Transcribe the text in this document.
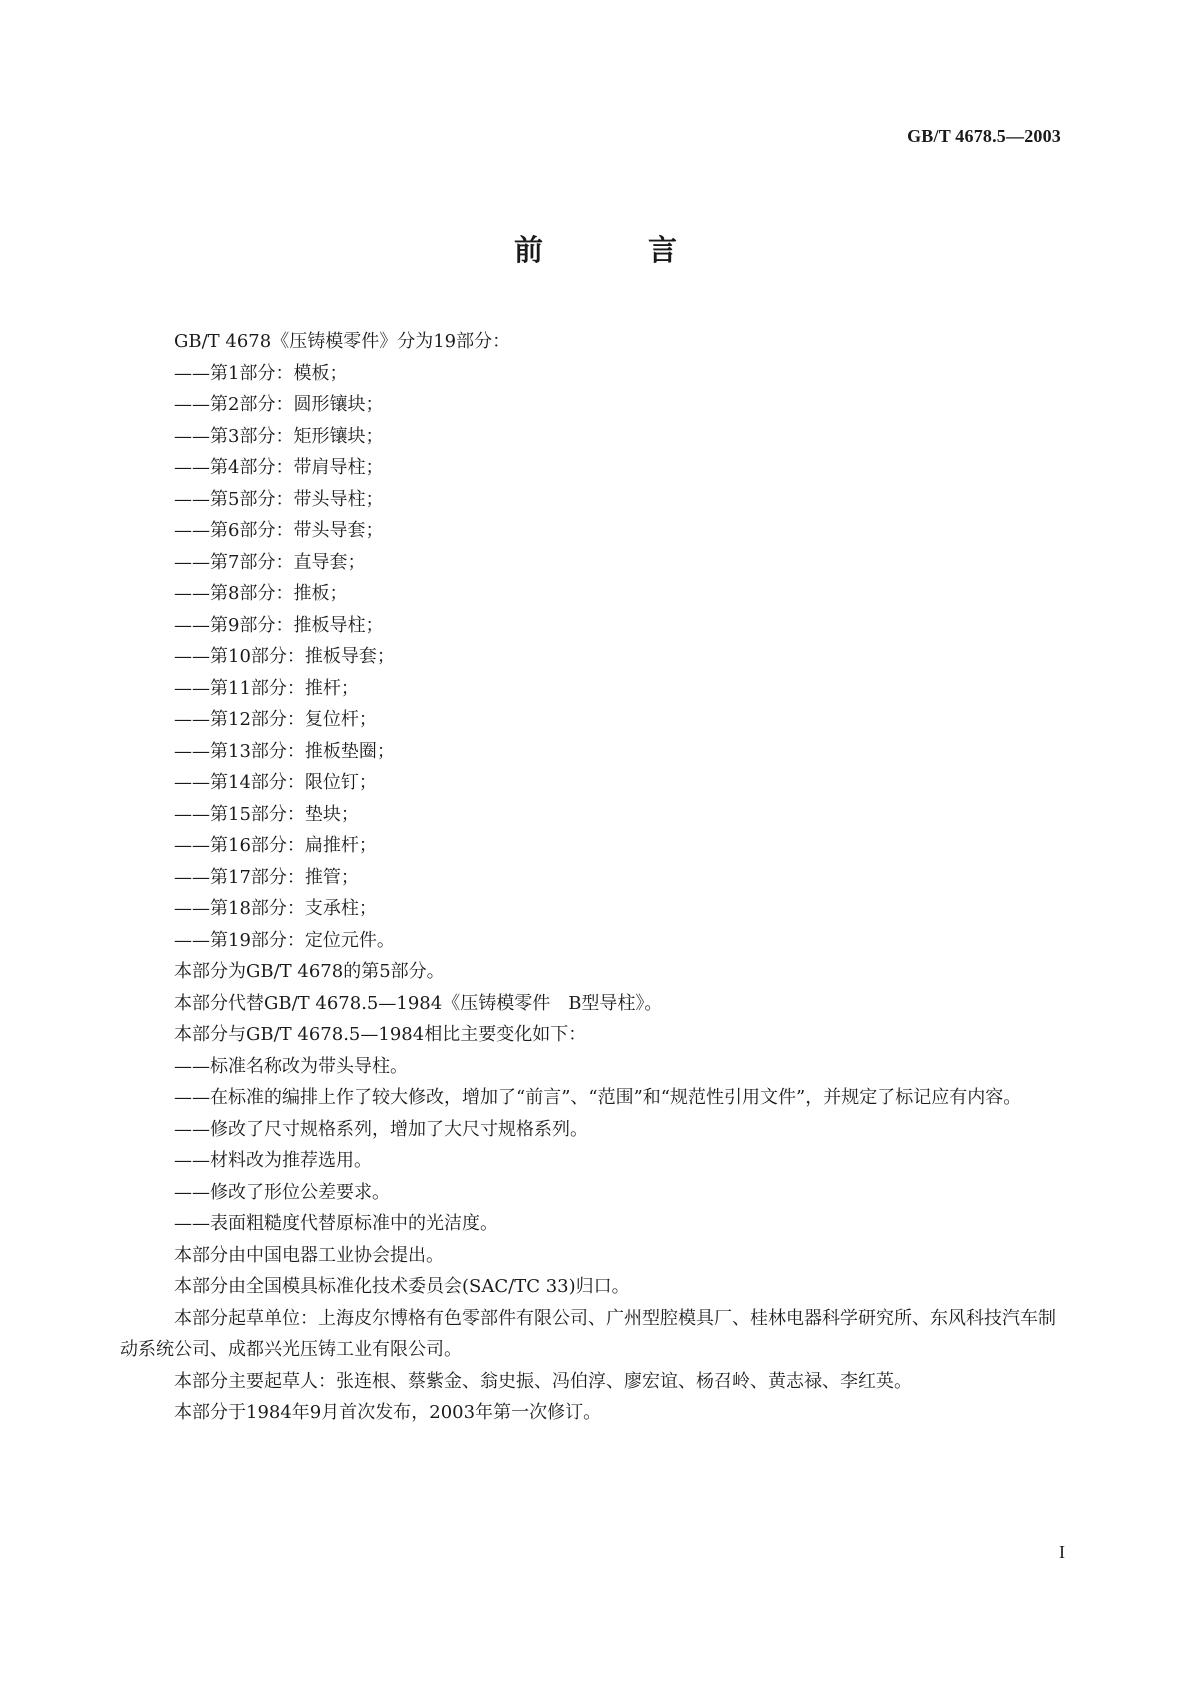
GB/T 4678.5—2003
前　言

GB/T 4678《压铸模零件》分为19部分：

——第1部分：模板；

——第2部分：圆形镶块；

——第3部分：矩形镶块；

——第4部分：带肩导柱；

——第5部分：带头导柱；

——第6部分：带头导套；

——第7部分：直导套；

——第8部分：推板；

——第9部分：推板导柱；

——第10部分：推板导套；

——第11部分：推杆；

——第12部分：复位杆；

——第13部分：推板垫圈；

——第14部分：限位钉；

——第15部分：垫块；

——第16部分：扁推杆；

——第17部分：推管；

——第18部分：支承柱；

——第19部分：定位元件。

本部分为GB/T 4678的第5部分。

本部分代替GB/T 4678.5—1984《压铸模零件　B型导柱》。

本部分与GB/T 4678.5—1984相比主要变化如下：

——标准名称改为带头导柱。

——在标准的编排上作了较大修改，增加了“前言”、“范围”和“规范性引用文件”，并规定了标记应有内容。

——修改了尺寸规格系列，增加了大尺寸规格系列。

——材料改为推荐选用。

——修改了形位公差要求。

——表面粗糙度代替原标准中的光洁度。

本部分由中国电器工业协会提出。

本部分由全国模具标准化技术委员会(SAC/TC 33)归口。

本部分起草单位：上海皮尔博格有色零部件有限公司、广州型腔模具厂、桂林电器科学研究所、东风科技汽车制动系统公司、成都兴光压铸工业有限公司。

本部分主要起草人：张连根、蔡紫金、翁史振、冯伯淳、廖宏谊、杨召岭、黄志禄、李红英。

本部分于1984年9月首次发布，2003年第一次修订。

I
